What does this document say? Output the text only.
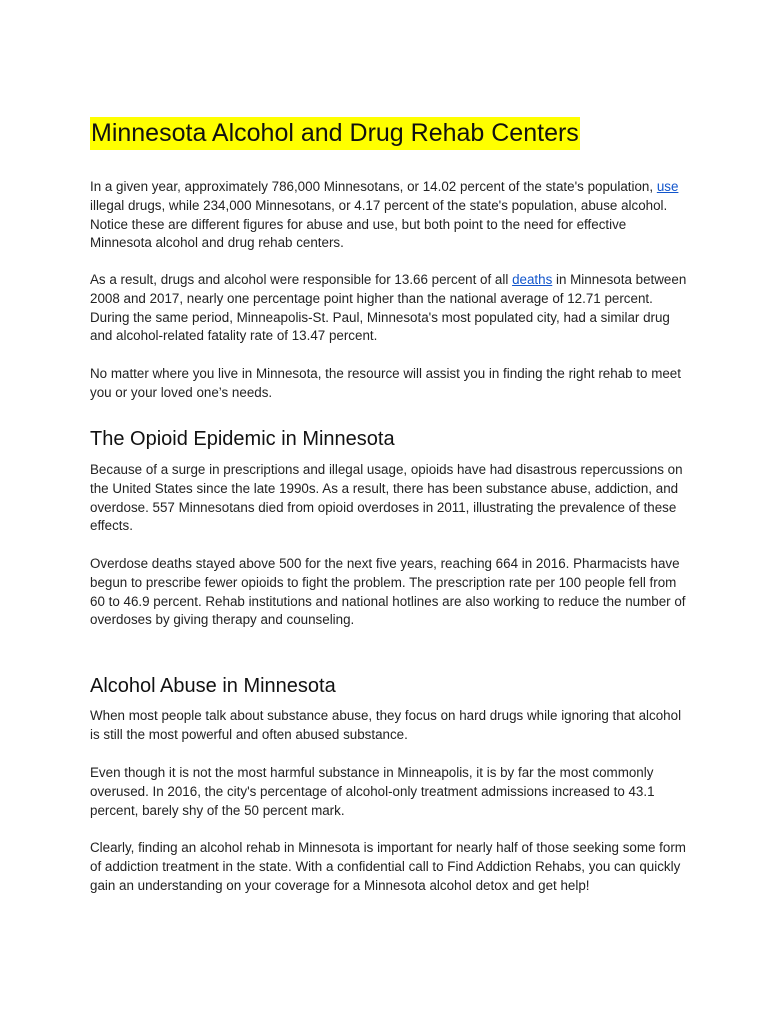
Minnesota Alcohol and Drug Rehab Centers

In a given year, approximately 786,000 Minnesotans, or 14.02 percent of the state's population, use illegal drugs, while 234,000 Minnesotans, or 4.17 percent of the state's population, abuse alcohol. Notice these are different figures for abuse and use, but both point to the need for effective Minnesota alcohol and drug rehab centers.

As a result, drugs and alcohol were responsible for 13.66 percent of all deaths in Minnesota between 2008 and 2017, nearly one percentage point higher than the national average of 12.71 percent. During the same period, Minneapolis-St. Paul, Minnesota's most populated city, had a similar drug and alcohol-related fatality rate of 13.47 percent.

No matter where you live in Minnesota, the resource will assist you in finding the right rehab to meet you or your loved one’s needs.

The Opioid Epidemic in Minnesota

Because of a surge in prescriptions and illegal usage, opioids have had disastrous repercussions on the United States since the late 1990s. As a result, there has been substance abuse, addiction, and overdose. 557 Minnesotans died from opioid overdoses in 2011, illustrating the prevalence of these effects.

Overdose deaths stayed above 500 for the next five years, reaching 664 in 2016. Pharmacists have begun to prescribe fewer opioids to fight the problem. The prescription rate per 100 people fell from 60 to 46.9 percent. Rehab institutions and national hotlines are also working to reduce the number of overdoses by giving therapy and counseling.

Alcohol Abuse in Minnesota

When most people talk about substance abuse, they focus on hard drugs while ignoring that alcohol is still the most powerful and often abused substance.

Even though it is not the most harmful substance in Minneapolis, it is by far the most commonly overused. In 2016, the city's percentage of alcohol-only treatment admissions increased to 43.1 percent, barely shy of the 50 percent mark.

Clearly, finding an alcohol rehab in Minnesota is important for nearly half of those seeking some form of addiction treatment in the state. With a confidential call to Find Addiction Rehabs, you can quickly gain an understanding on your coverage for a Minnesota alcohol detox and get help!
